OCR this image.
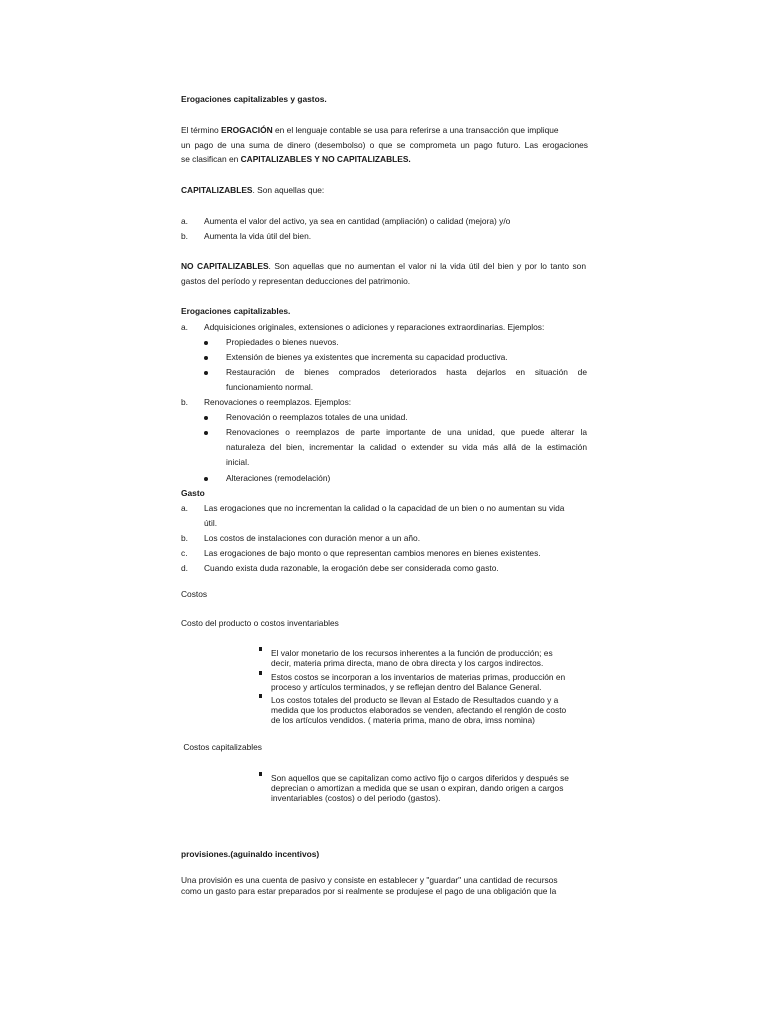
Erogaciones capitalizables y gastos.
El término EROGACIÓN en el lenguaje contable se usa para referirse a una transacción que implique
un pago de una suma de dinero (desembolso) o que se comprometa un pago futuro. Las erogaciones
se clasifican en CAPITALIZABLES Y NO CAPITALIZABLES.
CAPITALIZABLES. Son aquellas que:
a. Aumenta el valor del activo, ya sea en cantidad (ampliación) o calidad (mejora) y/o
b. Aumenta la vida útil del bien.
NO CAPITALIZABLES. Son aquellas que no aumentan el valor ni la vida útil del bien y por lo tanto son
gastos del período y representan deducciones del patrimonio.
Erogaciones capitalizables.
a. Adquisiciones originales, extensiones o adiciones y reparaciones extraordinarias. Ejemplos:
Propiedades o bienes nuevos.
Extensión de bienes ya existentes que incrementa su capacidad productiva.
Restauración de bienes comprados deteriorados hasta dejarlos en situación de
funcionamiento normal.
b. Renovaciones o reemplazos. Ejemplos:
Renovación o reemplazos totales de una unidad.
Renovaciones o reemplazos de parte importante de una unidad, que puede alterar la
naturaleza del bien, incrementar la calidad o extender su vida más allá de la estimación
inicial.
Alteraciones (remodelación)
Gasto
a. Las erogaciones que no incrementan la calidad o la capacidad de un bien o no aumentan su vida
útil.
b. Los costos de instalaciones con duración menor a un año.
c. Las erogaciones de bajo monto o que representan cambios menores en bienes existentes.
d. Cuando exista duda razonable, la erogación debe ser considerada como gasto.
Costos
Costo del producto o costos inventariables
El valor monetario de los recursos inherentes a la función de producción; es
decir, materia prima directa, mano de obra directa y los cargos indirectos.
Estos costos se incorporan a los inventarios de materias primas, producción en
proceso y artículos terminados, y se reflejan dentro del Balance General.
Los costos totales del producto se llevan al Estado de Resultados cuando y a
medida que los productos elaborados se venden, afectando el renglón de costo
de los artículos vendidos. ( materia prima, mano de obra, imss nomina)
Costos capitalizables
Son aquellos que se capitalizan como activo fijo o cargos diferidos y después se
deprecian o amortizan a medida que se usan o expiran, dando origen a cargos
inventariables (costos) o del periodo (gastos).
provisiones.(aguinaldo incentivos)
Una provisión es una cuenta de pasivo y consiste en establecer y "guardar" una cantidad de recursos
como un gasto para estar preparados por si realmente se produjese el pago de una obligación que la
